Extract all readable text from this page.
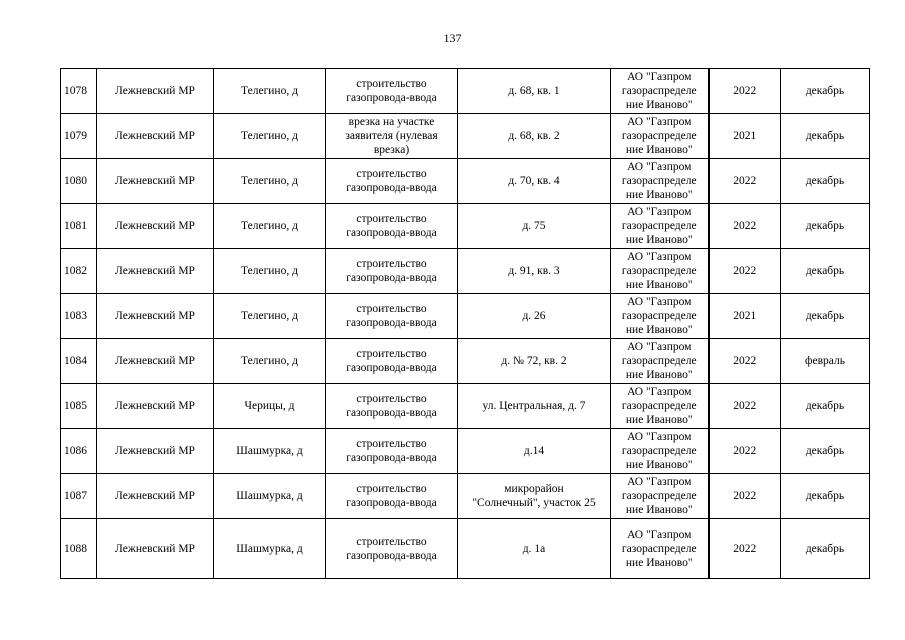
137
1078	Лежневский МР	Телегино, д	строительство
газопровода-ввода	д. 68, кв. 1	АО "Газпром
газораспределе
ние Иваново"	2022	декабрь
1079	Лежневский МР	Телегино, д	врезка на участке
заявителя (нулевая
врезка)	д. 68, кв. 2	АО "Газпром
газораспределе
ние Иваново"	2021	декабрь
1080	Лежневский МР	Телегино, д	строительство
газопровода-ввода	д. 70, кв. 4	АО "Газпром
газораспределе
ние Иваново"	2022	декабрь
1081	Лежневский МР	Телегино, д	строительство
газопровода-ввода	д. 75	АО "Газпром
газораспределе
ние Иваново"	2022	декабрь
1082	Лежневский МР	Телегино, д	строительство
газопровода-ввода	д. 91, кв. 3	АО "Газпром
газораспределе
ние Иваново"	2022	декабрь
1083	Лежневский МР	Телегино, д	строительство
газопровода-ввода	д. 26	АО "Газпром
газораспределе
ние Иваново"	2021	декабрь
1084	Лежневский МР	Телегино, д	строительство
газопровода-ввода	д. № 72, кв. 2	АО "Газпром
газораспределе
ние Иваново"	2022	февраль
1085	Лежневский МР	Черицы, д	строительство
газопровода-ввода	ул. Центральная, д. 7	АО "Газпром
газораспределе
ние Иваново"	2022	декабрь
1086	Лежневский МР	Шашмурка, д	строительство
газопровода-ввода	д.14	АО "Газпром
газораспределе
ние Иваново"	2022	декабрь
1087	Лежневский МР	Шашмурка, д	строительство
газопровода-ввода	микрорайон
"Солнечный", участок 25	АО "Газпром
газораспределе
ние Иваново"	2022	декабрь
1088	Лежневский МР	Шашмурка, д	строительство
газопровода-ввода	д. 1а	АО "Газпром
газораспределе
ние Иваново"	2022	декабрь
